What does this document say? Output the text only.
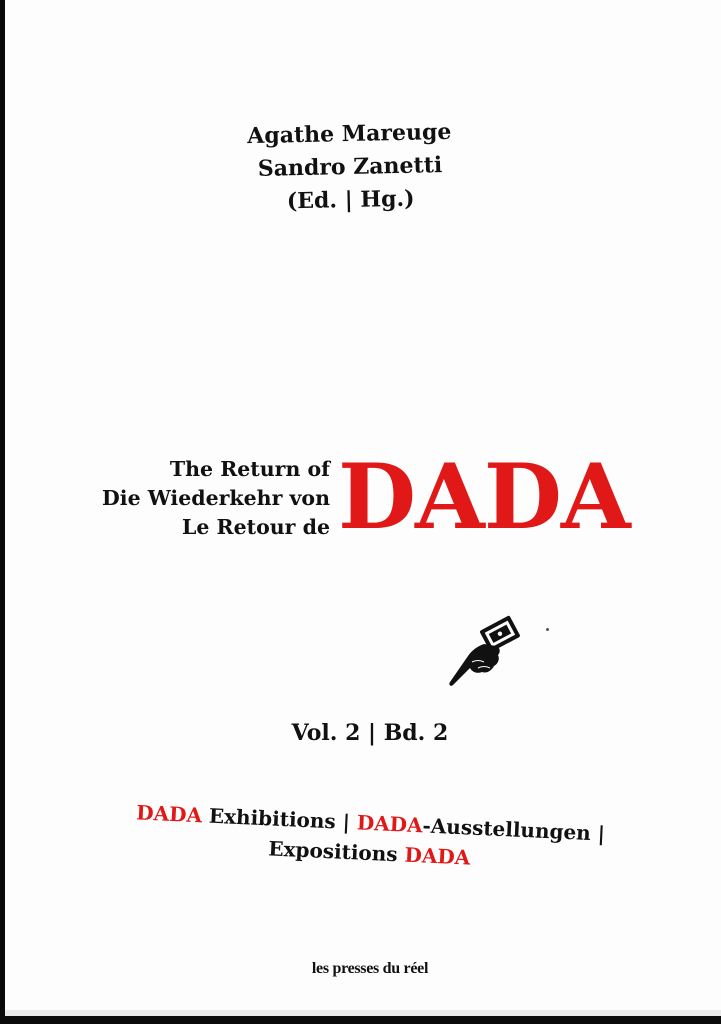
Agathe Mareuge
Sandro Zanetti
(Ed. | Hg.)
The Return of
Die Wiederkehr von
Le Retour de DADA
Vol. 2 | Bd. 2
DADA Exhibitions | DADA-Ausstellungen |
Expositions DADA
les presses du réel
